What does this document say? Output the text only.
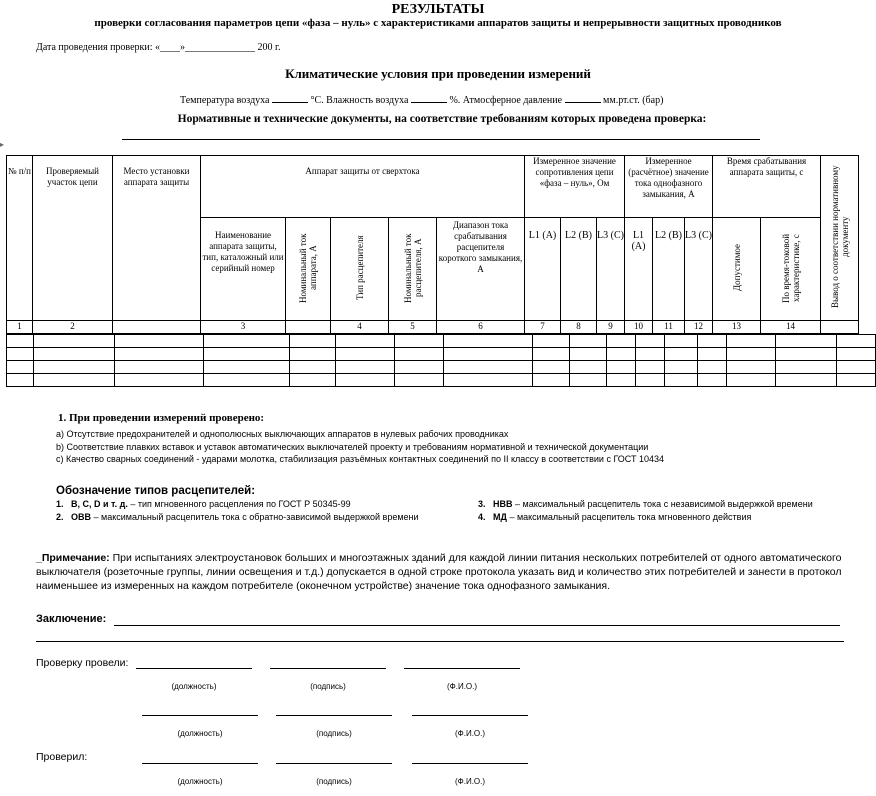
РЕЗУЛЬТАТЫ
проверки согласования параметров цепи «фаза – нуль» с характеристиками аппаратов защиты и непрерывности защитных проводников
Дата проведения проверки: «____»______________ 200 г.
Климатические условия при проведении измерений
Температура воздуха	°С. Влажность воздуха	%. Атмосферное давление	мм.рт.ст. (бар)
Нормативные и технические документы, на соответствие требованиям которых проведена проверка:
▸
№ п/п	Проверяемый участок цепи	Место установки аппарата защиты	Аппарат защиты от сверхтока					Измеренное значение сопротивления цепи «фаза – нуль», Ом			Измеренное (расчётное) значение тока однофазного замыкания, А			Время срабатывания аппарата защиты, с		Вывод о соответствии нормативному документу

			Наименование аппарата защиты, тип, каталожный или серийный номер	Номинальный ток аппарата, А	Тип расцепителя	Номинальный ток расцепителя, А	Диапазон тока срабатывания расцепителя короткого замыкания, А	L1 (A)	L2 (B)	L3 (C)	L1 (A)	L2 (B)	L3 (C)	Допустимое	По время-токовой характеристике, с	
1	2		3		4	5	6	7	8	9	10	11	12	13	14	

1. При проведении измерений проверено:
a) Отсутствие предохранителей и однополюсных выключающих аппаратов в нулевых рабочих проводниках
b) Соответствие плавких вставок и уставок автоматических выключателей проекту и требованиям нормативной и технической документации
c) Качество сварных соединений - ударами молотка, стабилизация разъёмных контактных соединений по II классу в соответствии с ГОСТ 10434
Обозначение типов расцепителей:
1.   B, C, D и т. д. – тип мгновенного расцепления по ГОСТ Р 50345-99
2.   ОВВ – максимальный расцепитель тока с обратно-зависимой выдержкой времени
3.   НВВ – максимальный расцепитель тока с независимой выдержкой времени
4.   МД – максимальный расцепитель тока мгновенного действия
_Примечание: При испытаниях электроустановок больших и многоэтажных зданий для каждой линии питания нескольких потребителей от одного автоматического выключателя (розеточные группы, линии освещения и т.д.) допускается в одной строке протокола указать вид и количество этих потребителей и занести в протокол наименьшее из измеренных на каждом потребителе (оконечном устройстве) значение тока однофазного замыкания.
Заключение:
Проверку провели:
(должность)	(подпись)	(Ф.И.О.)
(должность)	(подпись)	(Ф.И.О.)
Проверил:
(должность)	(подпись)	(Ф.И.О.)
